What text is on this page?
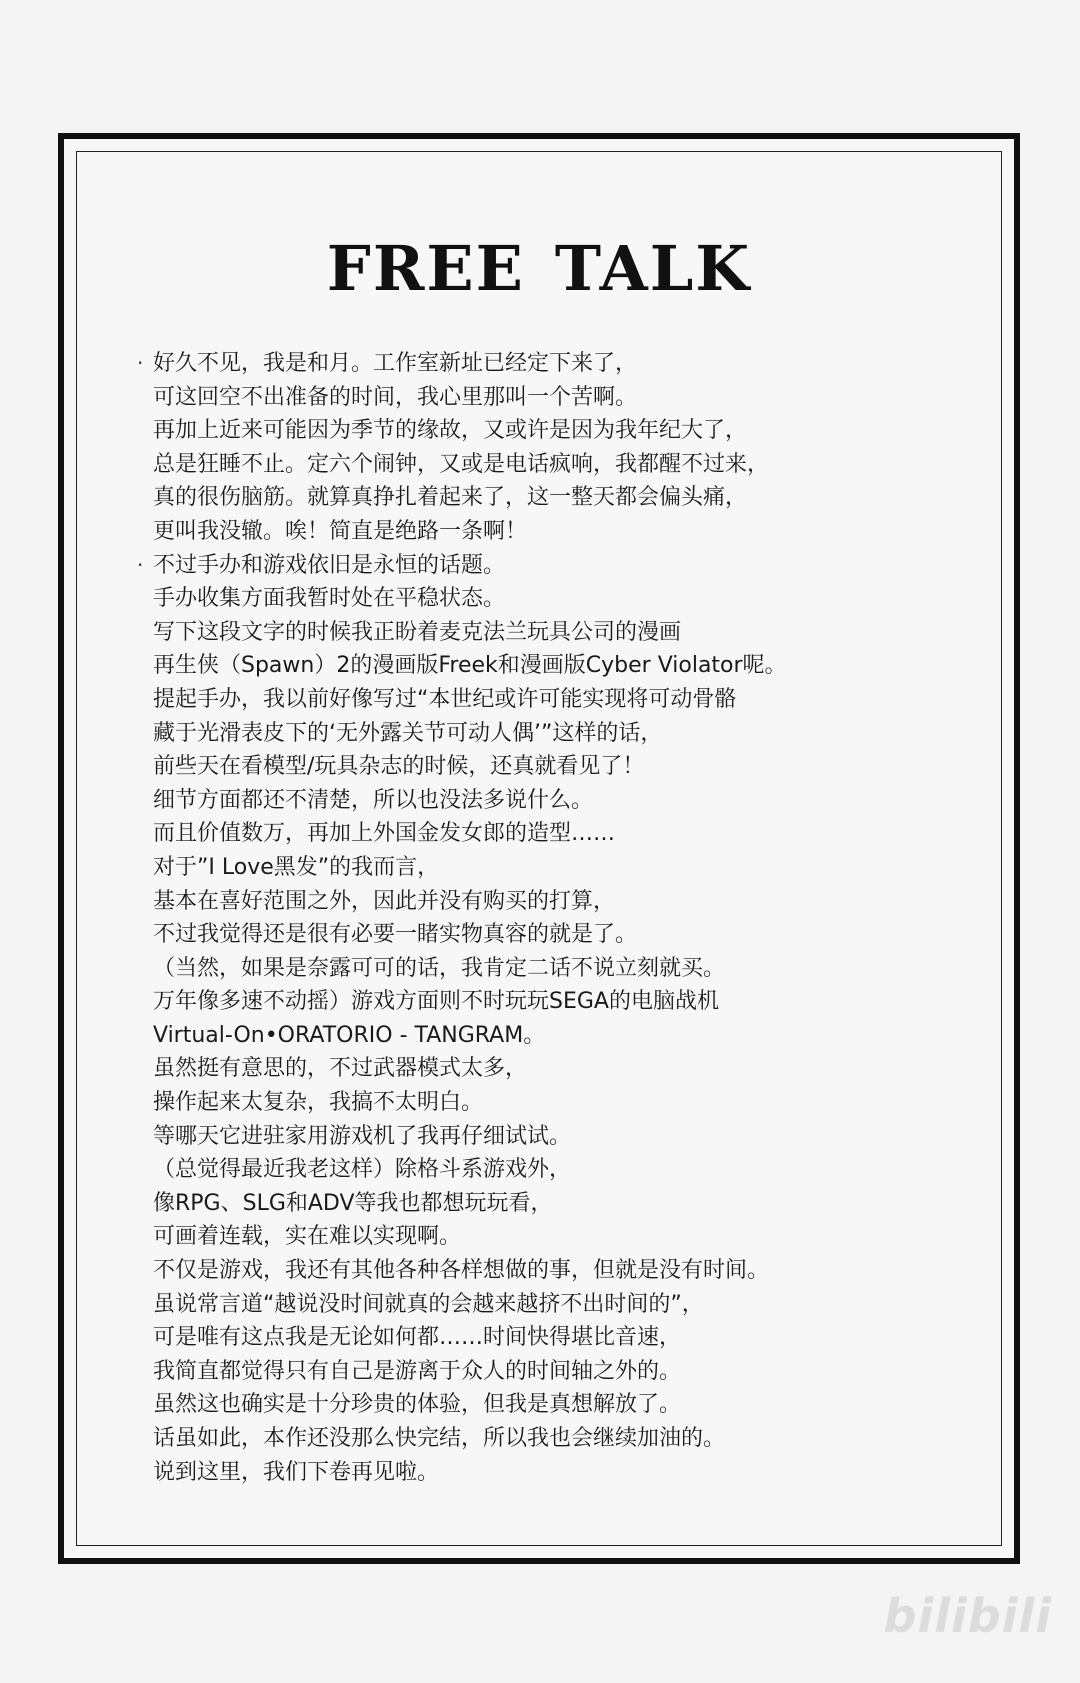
FREE TALK
· 好久不见，我是和月。工作室新址已经定下来了，
可这回空不出准备的时间，我心里那叫一个苦啊。
再加上近来可能因为季节的缘故，又或许是因为我年纪大了，
总是狂睡不止。定六个闹钟，又或是电话疯响，我都醒不过来，
真的很伤脑筋。就算真挣扎着起来了，这一整天都会偏头痛，
更叫我没辙。唉！简直是绝路一条啊！
· 不过手办和游戏依旧是永恒的话题。
手办收集方面我暂时处在平稳状态。
写下这段文字的时候我正盼着麦克法兰玩具公司的漫画
再生侠（Spawn）2的漫画版Freek和漫画版Cyber Violator呢。
提起手办，我以前好像写过“本世纪或许可能实现将可动骨骼
藏于光滑表皮下的‘无外露关节可动人偶’”这样的话，
前些天在看模型/玩具杂志的时候，还真就看见了！
细节方面都还不清楚，所以也没法多说什么。
而且价值数万，再加上外国金发女郎的造型……
对于”I Love黑发”的我而言，
基本在喜好范围之外，因此并没有购买的打算，
不过我觉得还是很有必要一睹实物真容的就是了。
（当然，如果是奈露可可的话，我肯定二话不说立刻就买。
万年像多速不动摇）游戏方面则不时玩玩SEGA的电脑战机
Virtual-On•ORATORIO - TANGRAM。
虽然挺有意思的，不过武器模式太多，
操作起来太复杂，我搞不太明白。
等哪天它进驻家用游戏机了我再仔细试试。
（总觉得最近我老这样）除格斗系游戏外，
像RPG、SLG和ADV等我也都想玩玩看，
可画着连载，实在难以实现啊。
不仅是游戏，我还有其他各种各样想做的事，但就是没有时间。
虽说常言道“越说没时间就真的会越来越挤不出时间的”，
可是唯有这点我是无论如何都……时间快得堪比音速，
我简直都觉得只有自己是游离于众人的时间轴之外的。
虽然这也确实是十分珍贵的体验，但我是真想解放了。
话虽如此，本作还没那么快完结，所以我也会继续加油的。
说到这里，我们下卷再见啦。
bilibili
